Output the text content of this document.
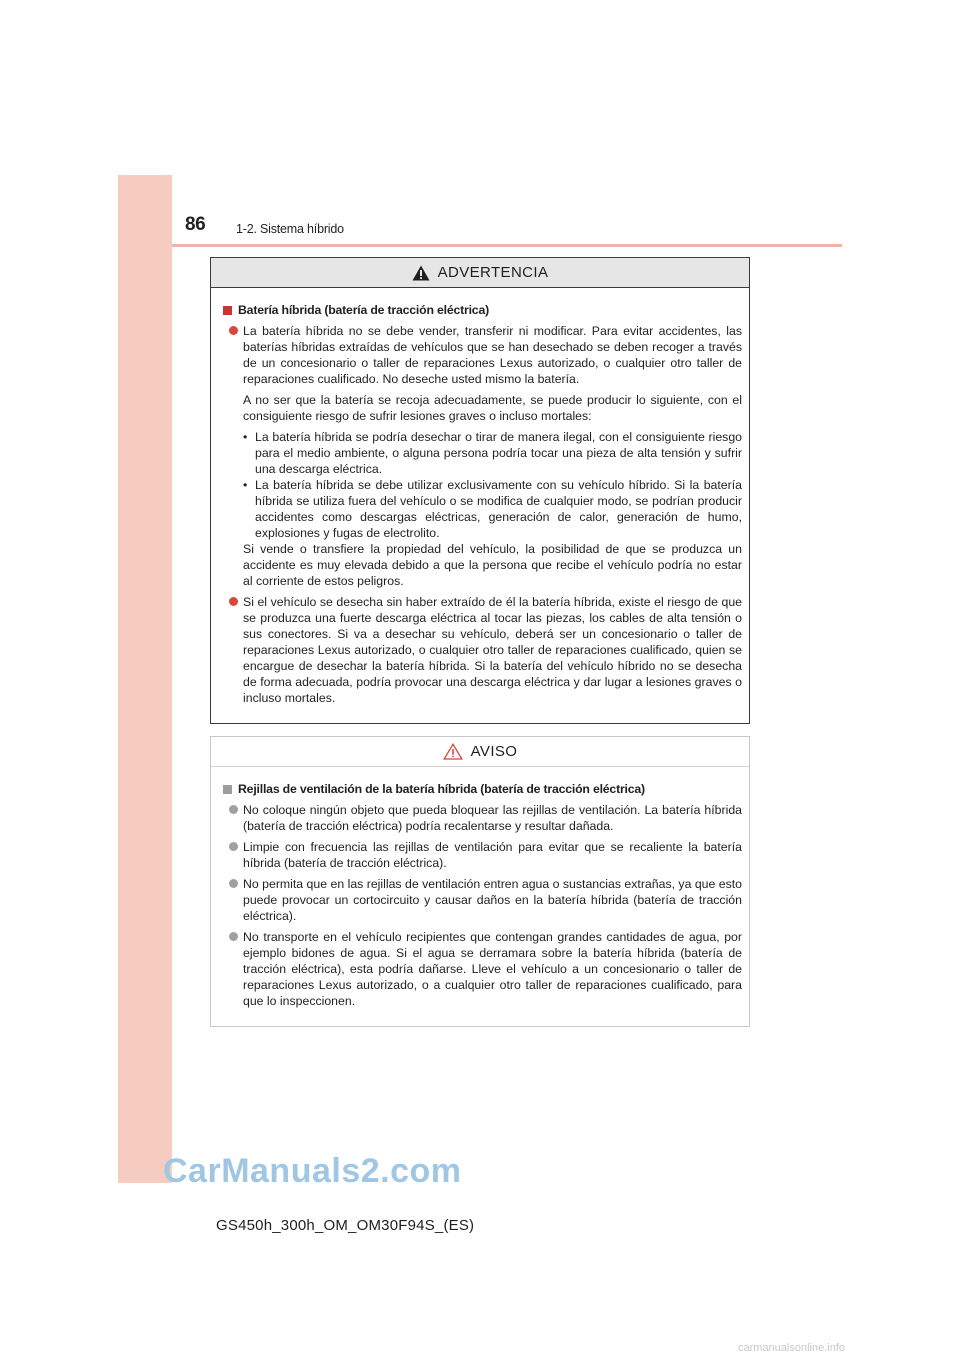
86 1-2. Sistema híbrido
ADVERTENCIA
Batería híbrida (batería de tracción eléctrica)
La batería híbrida no se debe vender, transferir ni modificar. Para evitar accidentes, las baterías híbridas extraídas de vehículos que se han desechado se deben recoger a través de un concesionario o taller de reparaciones Lexus autorizado, o cualquier otro taller de reparaciones cualificado. No deseche usted mismo la batería.
A no ser que la batería se recoja adecuadamente, se puede producir lo siguiente, con el consiguiente riesgo de sufrir lesiones graves o incluso mortales:
• La batería híbrida se podría desechar o tirar de manera ilegal, con el consiguiente riesgo para el medio ambiente, o alguna persona podría tocar una pieza de alta tensión y sufrir una descarga eléctrica.
• La batería híbrida se debe utilizar exclusivamente con su vehículo híbrido. Si la batería híbrida se utiliza fuera del vehículo o se modifica de cualquier modo, se podrían producir accidentes como descargas eléctricas, generación de calor, generación de humo, explosiones y fugas de electrolito.
Si vende o transfiere la propiedad del vehículo, la posibilidad de que se produzca un accidente es muy elevada debido a que la persona que recibe el vehículo podría no estar al corriente de estos peligros.
Si el vehículo se desecha sin haber extraído de él la batería híbrida, existe el riesgo de que se produzca una fuerte descarga eléctrica al tocar las piezas, los cables de alta tensión o sus conectores. Si va a desechar su vehículo, deberá ser un concesionario o taller de reparaciones Lexus autorizado, o cualquier otro taller de reparaciones cualificado, quien se encargue de desechar la batería híbrida. Si la batería del vehículo híbrido no se desecha de forma adecuada, podría provocar una descarga eléctrica y dar lugar a lesiones graves o incluso mortales.
AVISO
Rejillas de ventilación de la batería híbrida (batería de tracción eléctrica)
No coloque ningún objeto que pueda bloquear las rejillas de ventilación. La batería híbrida (batería de tracción eléctrica) podría recalentarse y resultar dañada.
Limpie con frecuencia las rejillas de ventilación para evitar que se recaliente la batería híbrida (batería de tracción eléctrica).
No permita que en las rejillas de ventilación entren agua o sustancias extrañas, ya que esto puede provocar un cortocircuito y causar daños en la batería híbrida (batería de tracción eléctrica).
No transporte en el vehículo recipientes que contengan grandes cantidades de agua, por ejemplo bidones de agua. Si el agua se derramara sobre la batería híbrida (batería de tracción eléctrica), esta podría dañarse. Lleve el vehículo a un concesionario o taller de reparaciones Lexus autorizado, o a cualquier otro taller de reparaciones cualificado, para que lo inspeccionen.
CarManuals2.com
GS450h_300h_OM_OM30F94S_(ES)
carmanualsonline.info
